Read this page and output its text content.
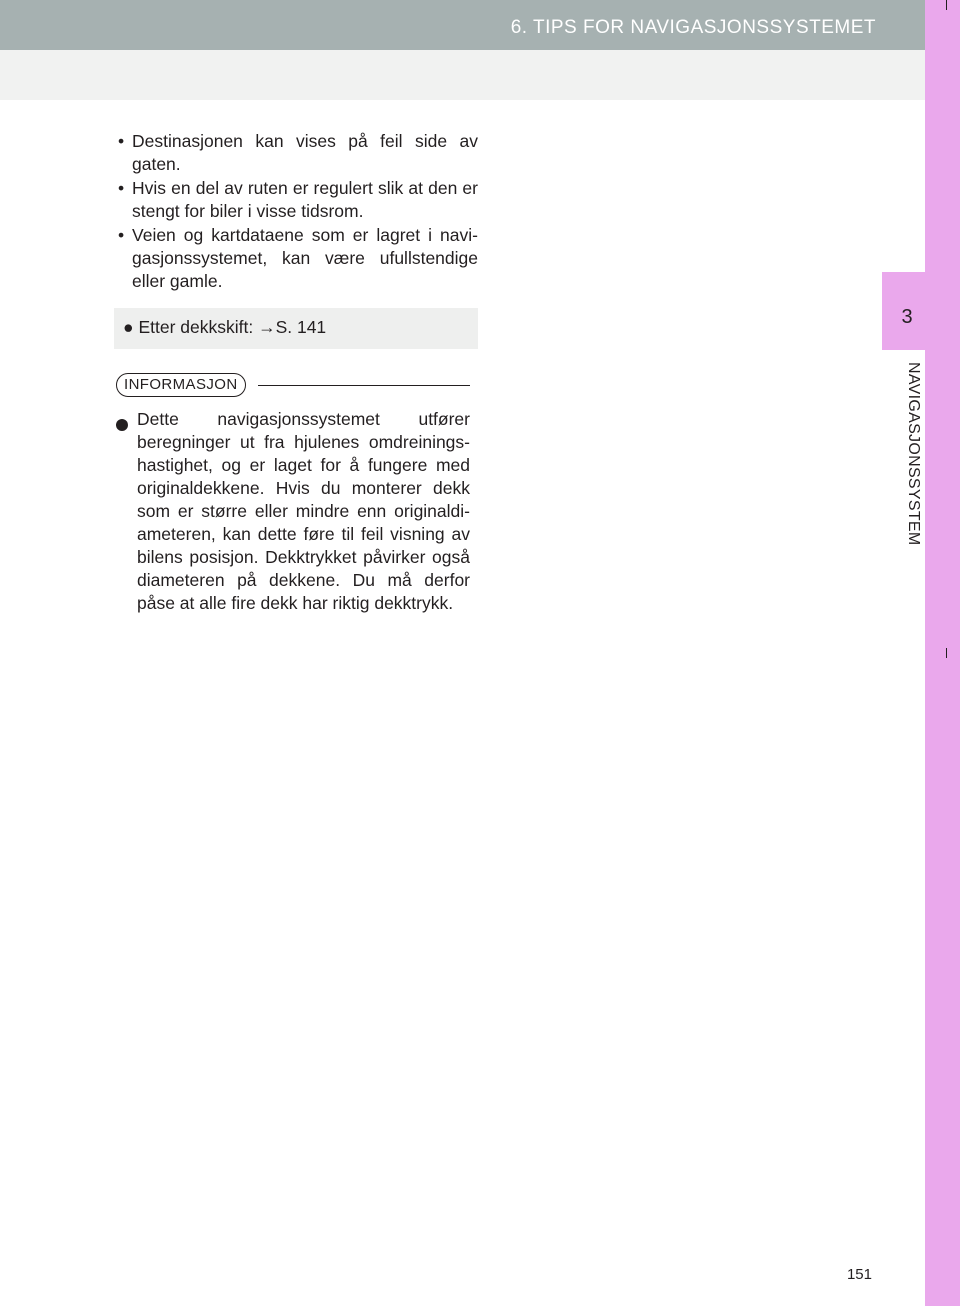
6. TIPS FOR NAVIGASJONSSYSTEMET
3
NAVIGASJONSSYSTEM
• Destinasjonen kan vises på feil side av gaten.
• Hvis en del av ruten er regulert slik at den er stengt for biler i visse tidsrom.
• Veien og kartdataene som er lagret i navi-gasjonssystemet, kan være ufullstendige eller gamle.
● Etter dekkskift: →S. 141
INFORMASJON
Dette navigasjonssystemet utfører beregninger ut fra hjulenes omdreinings-hastighet, og er laget for å fungere med originaldekkene. Hvis du monterer dekk som er større eller mindre enn originaldi-ameteren, kan dette føre til feil visning av bilens posisjon. Dekktrykket påvirker også diameteren på dekkene. Du må derfor påse at alle fire dekk har riktig dekktrykk.
151
